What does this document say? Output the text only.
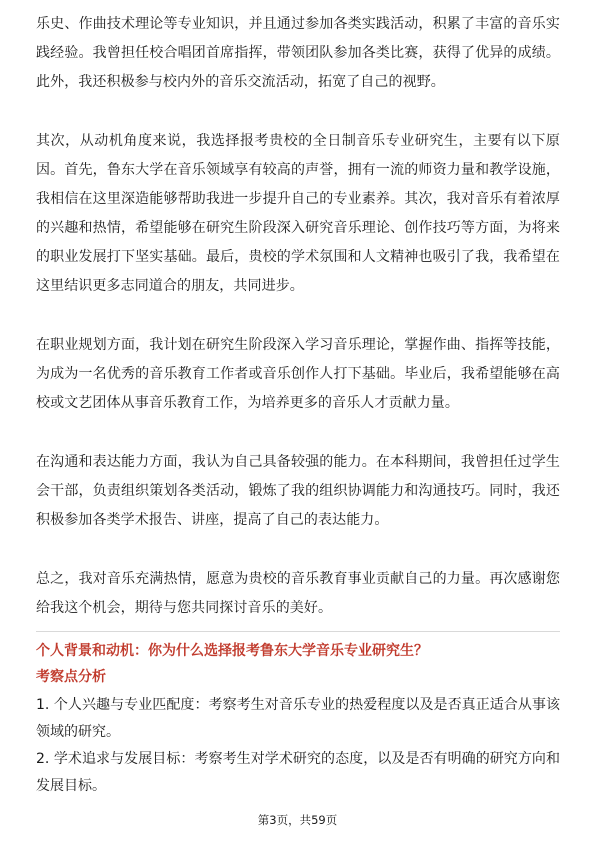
乐史、作曲技术理论等专业知识，并且通过参加各类实践活动，积累了丰富的音乐实践经验。我曾担任校合唱团首席指挥，带领团队参加各类比赛，获得了优异的成绩。此外，我还积极参与校内外的音乐交流活动，拓宽了自己的视野。

其次，从动机角度来说，我选择报考贵校的全日制音乐专业研究生，主要有以下原因。首先，鲁东大学在音乐领域享有较高的声誉，拥有一流的师资力量和教学设施，我相信在这里深造能够帮助我进一步提升自己的专业素养。其次，我对音乐有着浓厚的兴趣和热情，希望能够在研究生阶段深入研究音乐理论、创作技巧等方面，为将来的职业发展打下坚实基础。最后，贵校的学术氛围和人文精神也吸引了我，我希望在这里结识更多志同道合的朋友，共同进步。

在职业规划方面，我计划在研究生阶段深入学习音乐理论，掌握作曲、指挥等技能，为成为一名优秀的音乐教育工作者或音乐创作人打下基础。毕业后，我希望能够在高校或文艺团体从事音乐教育工作，为培养更多的音乐人才贡献力量。

在沟通和表达能力方面，我认为自己具备较强的能力。在本科期间，我曾担任过学生会干部，负责组织策划各类活动，锻炼了我的组织协调能力和沟通技巧。同时，我还积极参加各类学术报告、讲座，提高了自己的表达能力。

总之，我对音乐充满热情，愿意为贵校的音乐教育事业贡献自己的力量。再次感谢您给我这个机会，期待与您共同探讨音乐的美好。

个人背景和动机：你为什么选择报考鲁东大学音乐专业研究生？

考察点分析

1. 个人兴趣与专业匹配度：考察考生对音乐专业的热爱程度以及是否真正适合从事该领域的研究。

2. 学术追求与发展目标：考察考生对学术研究的态度，以及是否有明确的研究方向和发展目标。

第3页，共59页
